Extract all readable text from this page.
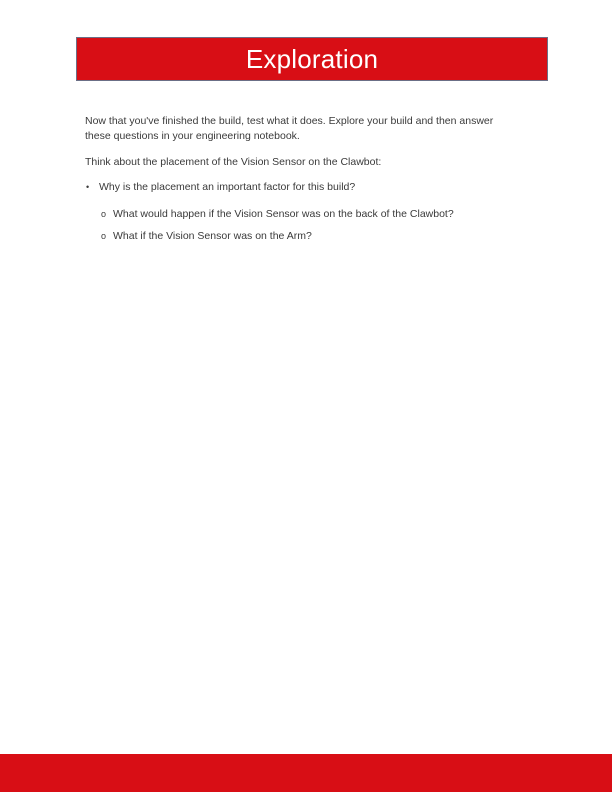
Exploration

Now that you've finished the build, test what it does. Explore your build and then answer these questions in your engineering notebook.

Think about the placement of the Vision Sensor on the Clawbot:

• Why is the placement an important factor for this build?
o What would happen if the Vision Sensor was on the back of the Clawbot?
o What if the Vision Sensor was on the Arm?
